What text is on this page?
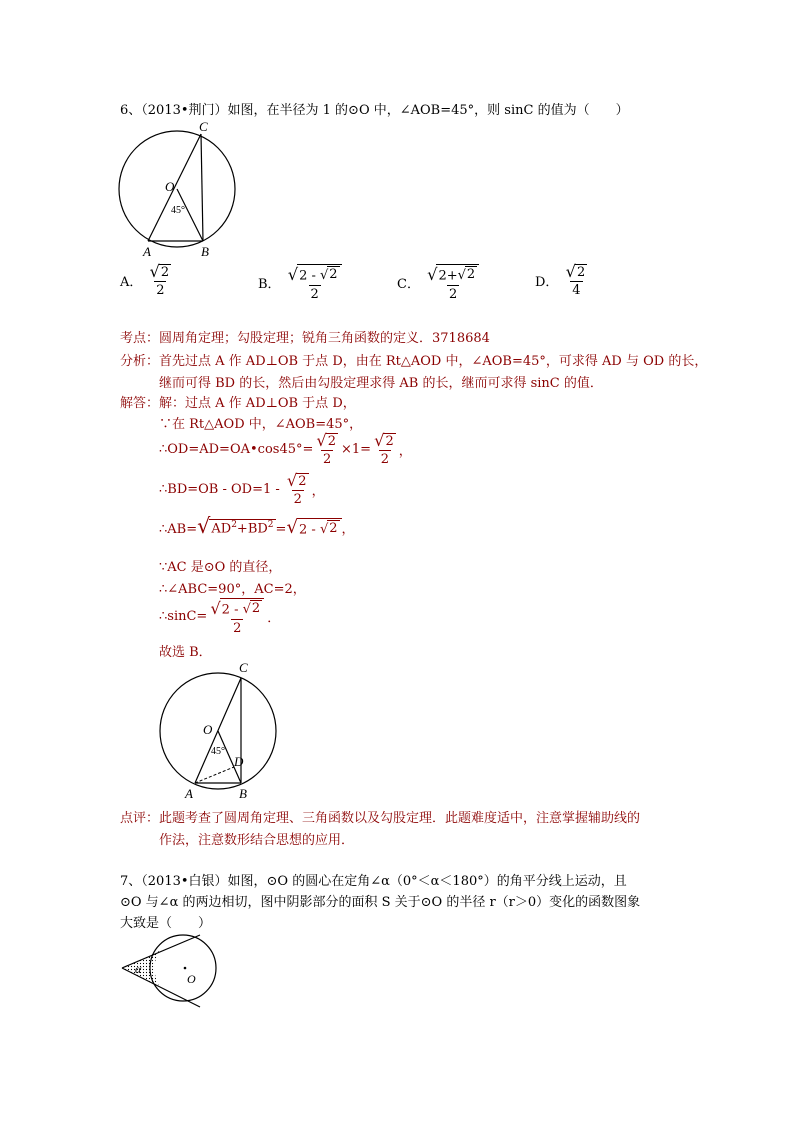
6、（2013•荆门）如图，在半径为 1 的⊙O 中，∠AOB=45°，则 sinC 的值为（　　）
C
O
45°
A	B
A． $\frac{√ 2}{2}$	B． $\frac{√ 2 - √ 2}{2}$	C． $\frac{√ 2+ √ 2}{2}$	D． $\frac{√ 2}{4}$
考点：圆周角定理；勾股定理；锐角三角函数的定义．3718684
分析：首先过点 A 作 AD⊥OB 于点 D，由在 Rt△AOD 中，∠AOB=45°，可求得 AD 与 OD 的长，
继而可得 BD 的长，然后由勾股定理求得 AB 的长，继而可求得 sinC 的值．
解答：解：过点 A 作 AD⊥OB 于点 D，
∵在 Rt△AOD 中，∠AOB=45°，
∴OD=AD=OA•cos45°= $\frac{√ 2}{2} \times 1= \frac{√ 2}{2}$ ，
∴BD=OB - $OD=1 - \frac{√ 2}{2}$ ，
∴AB= √ $AD^2+BD^2$ = √ 2 - √ 2 ，
∵AC 是⊙O 的直径，
∴∠ABC=90°，AC=2，
∴sinC= $\frac{√ 2 - √ 2}{2}$ ．
故选 B．
C
O
45°
D
A	B
点评：此题考查了圆周角定理、三角函数以及勾股定理．此题难度适中，注意掌握辅助线的
作法，注意数形结合思想的应用．
7、（2013•白银）如图，⊙O 的圆心在定角∠α（0°＜α＜180°）的角平分线上运动，且
⊙O 与∠α 的两边相切，图中阴影部分的面积 S 关于⊙O 的半径 r（r＞0）变化的函数图象
大致是（　　）
α
O
